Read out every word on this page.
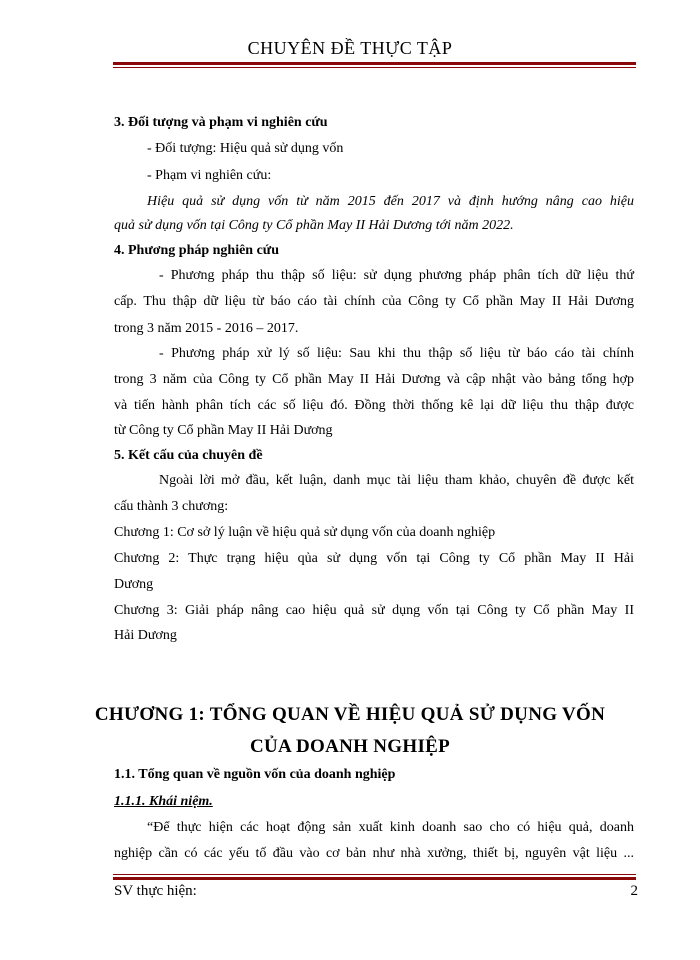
CHUYÊN ĐỀ THỰC TẬP
3. Đối tượng và phạm vi nghiên cứu
- Đối tượng: Hiệu quả sử dụng vốn
- Phạm vi nghiên cứu:
Hiệu quả sử dụng vốn từ năm 2015 đến 2017 và định hướng nâng cao hiệu
quả sử dụng vốn tại Công ty Cổ phần May II Hải Dương tới năm 2022.
4. Phương pháp nghiên cứu
- Phương pháp thu thập số liệu: sử dụng phương pháp phân tích dữ liệu thứ
cấp. Thu thập dữ liệu từ báo cáo tài chính của Công ty Cổ phần May II Hải Dương
trong 3 năm 2015 - 2016 – 2017.
- Phương pháp xử lý số liệu: Sau khi thu thập số liệu từ báo cáo tài chính
trong 3 năm của Công ty Cổ phần May II Hải Dương và cập nhật vào bảng tổng hợp
và tiến hành phân tích các số liệu đó. Đồng thời thống kê lại dữ liệu thu thập được
từ Công ty Cổ phần May II Hải Dương
5. Kết cấu của chuyên đề
Ngoài lời mở đầu, kết luận, danh mục tài liệu tham khảo, chuyên đề được kết
cấu thành 3 chương:
Chương 1: Cơ sở lý luận về hiệu quả sử dụng vốn của doanh nghiệp
Chương 2: Thực trạng hiệu qủa sử dụng vốn tại Công ty Cổ phần May II Hải
Dương
Chương 3: Giải pháp nâng cao hiệu quả sử dụng vốn tại Công ty Cổ phần May II
Hải Dương
CHƯƠNG 1: TỔNG QUAN VỀ HIỆU QUẢ SỬ DỤNG VỐN
CỦA DOANH NGHIỆP
1.1. Tổng quan về nguồn vốn của doanh nghiệp
1.1.1. Khái niệm.
“Để thực hiện các hoạt động sản xuất kinh doanh sao cho có hiệu quả, doanh
nghiệp cần có các yếu tố đầu vào cơ bản như nhà xưởng, thiết bị, nguyên vật liệu ...
SV thực hiện:	2
